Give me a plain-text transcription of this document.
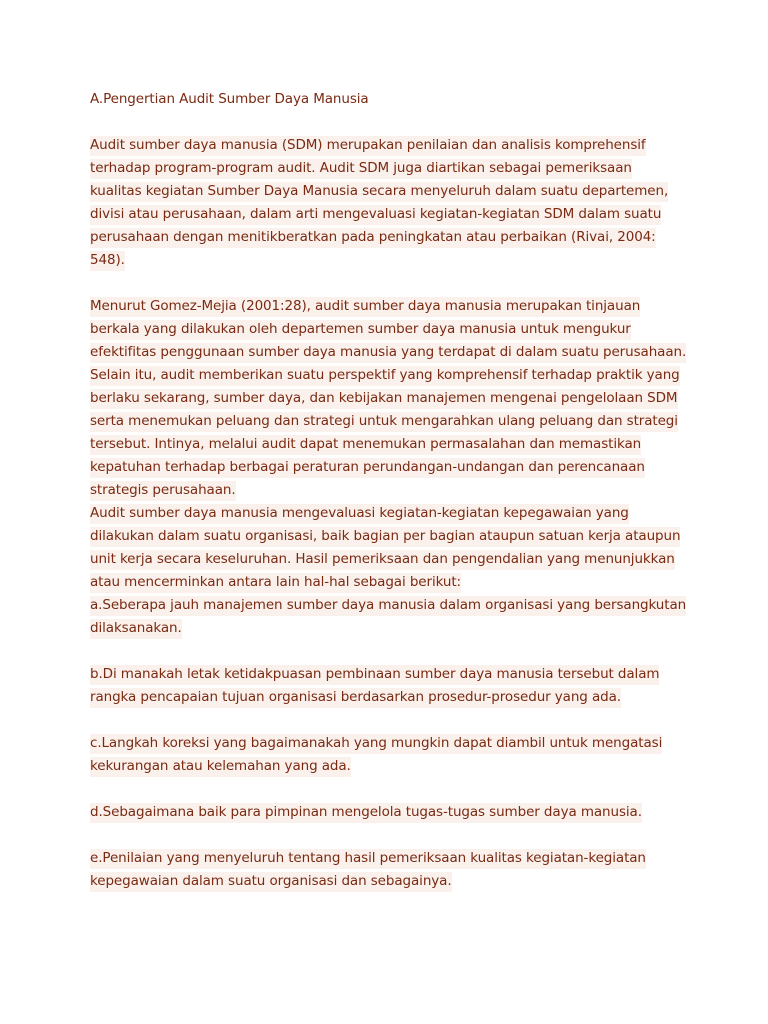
A.Pengertian Audit Sumber Daya Manusia
Audit sumber daya manusia (SDM) merupakan penilaian dan analisis komprehensif
terhadap program-program audit. Audit SDM juga diartikan sebagai pemeriksaan
kualitas kegiatan Sumber Daya Manusia secara menyeluruh dalam suatu departemen,
divisi atau perusahaan, dalam arti mengevaluasi kegiatan-kegiatan SDM dalam suatu
perusahaan dengan menitikberatkan pada peningkatan atau perbaikan (Rivai, 2004:
548).
Menurut Gomez-Mejia (2001:28), audit sumber daya manusia merupakan tinjauan
berkala yang dilakukan oleh departemen sumber daya manusia untuk mengukur
efektifitas penggunaan sumber daya manusia yang terdapat di dalam suatu perusahaan.
Selain itu, audit memberikan suatu perspektif yang komprehensif terhadap praktik yang
berlaku sekarang, sumber daya, dan kebijakan manajemen mengenai pengelolaan SDM
serta menemukan peluang dan strategi untuk mengarahkan ulang peluang dan strategi
tersebut. Intinya, melalui audit dapat menemukan permasalahan dan memastikan
kepatuhan terhadap berbagai peraturan perundangan-undangan dan perencanaan
strategis perusahaan.
Audit sumber daya manusia mengevaluasi kegiatan-kegiatan kepegawaian yang
dilakukan dalam suatu organisasi, baik bagian per bagian ataupun satuan kerja ataupun
unit kerja secara keseluruhan. Hasil pemeriksaan dan pengendalian yang menunjukkan
atau mencerminkan antara lain hal-hal sebagai berikut:
a.Seberapa jauh manajemen sumber daya manusia dalam organisasi yang bersangkutan
dilaksanakan.
b.Di manakah letak ketidakpuasan pembinaan sumber daya manusia tersebut dalam
rangka pencapaian tujuan organisasi berdasarkan prosedur-prosedur yang ada.
c.Langkah koreksi yang bagaimanakah yang mungkin dapat diambil untuk mengatasi
kekurangan atau kelemahan yang ada.
d.Sebagaimana baik para pimpinan mengelola tugas-tugas sumber daya manusia.
e.Penilaian yang menyeluruh tentang hasil pemeriksaan kualitas kegiatan-kegiatan
kepegawaian dalam suatu organisasi dan sebagainya.
